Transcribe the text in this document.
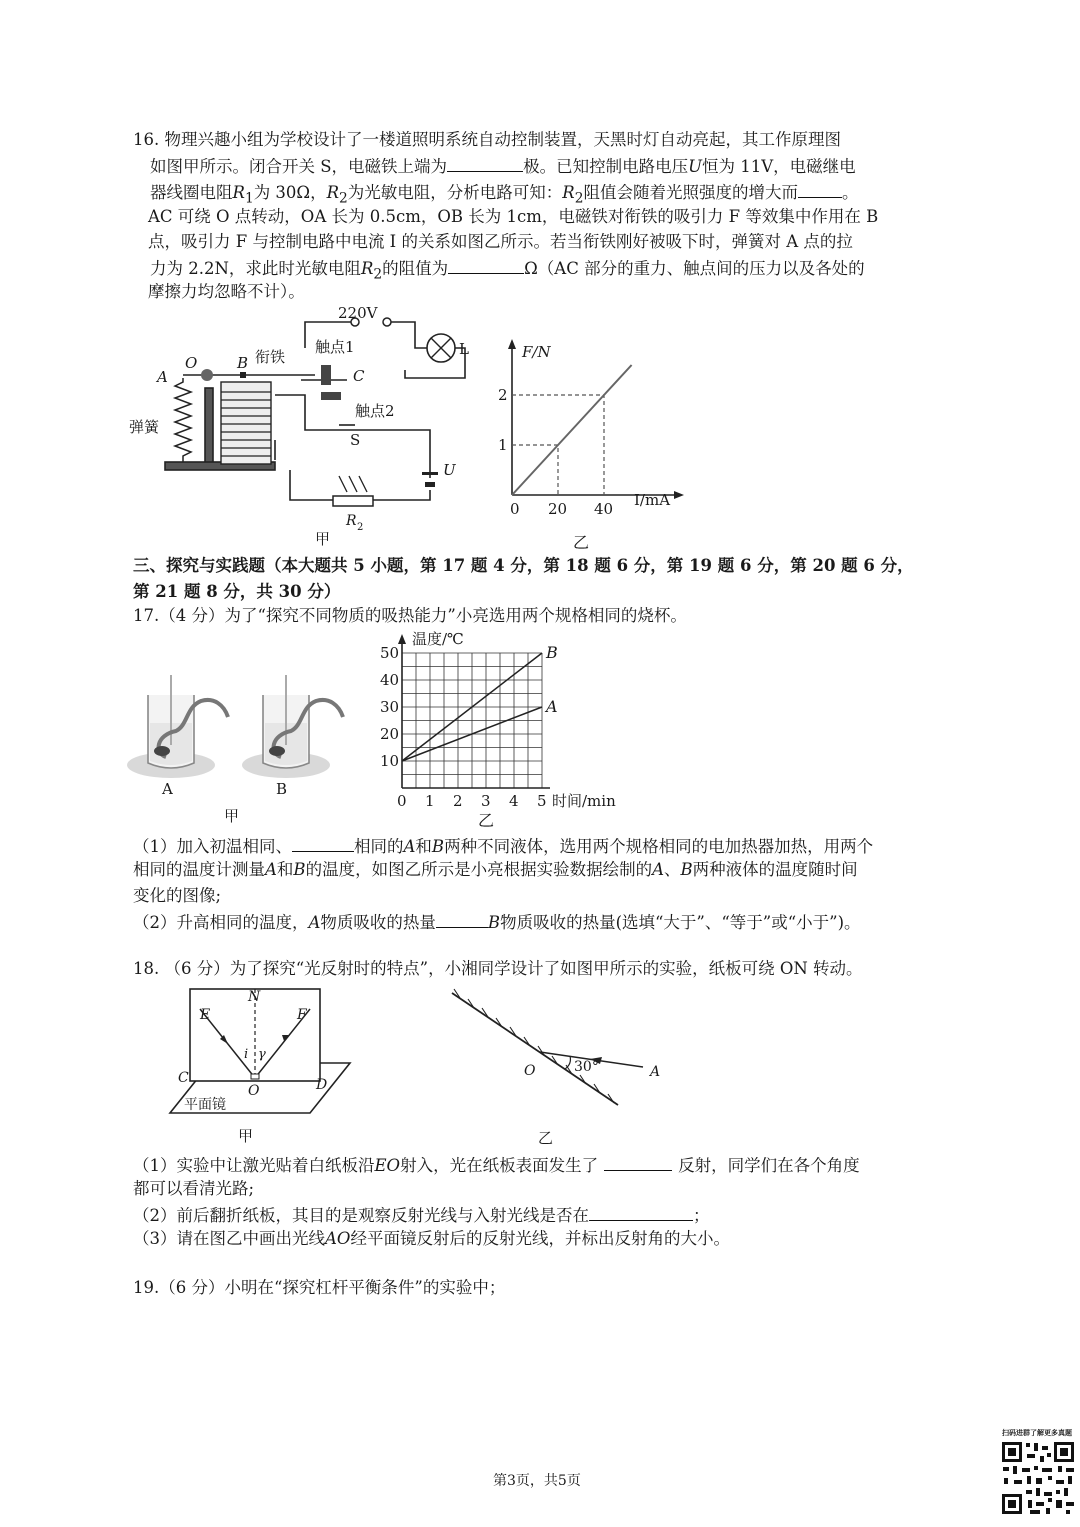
16. 物理兴趣小组为学校设计了一楼道照明系统自动控制装置，天黑时灯自动亮起，其工作原理图
如图甲所示。闭合开关 S，电磁铁上端为	极。已知控制电路电压U恒为 11V，电磁继电
器线圈电阻$R_1$为 30Ω，$R_2$为光敏电阻，分析电路可知：$R_2$阻值会随着光照强度的增大而	。
AC 可绕 O 点转动，OA 长为 0.5cm，OB 长为 1cm，电磁铁对衔铁的吸引力 F 等效集中作用在 B
点，吸引力 F 与控制电路中电流 I 的关系如图乙所示。若当衔铁刚好被吸下时，弹簧对 A 点的拉
力为 2.2N，求此时光敏电阻$R_2$的阻值为	Ω（AC 部分的重力、触点间的压力以及各处的
摩擦力均忽略不计）。
220V
L
衔铁
触点1
触点2
O	B
A	C
弹簧
S
U
R 2
甲
0 20 40
1
2
F/N
I/mA
乙
三、探究与实践题（本大题共 5 小题，第 17 题 4 分，第 18 题 6 分，第 19 题 6 分，第 20 题 6 分，
第 21 题 8 分，共 30 分）
17.（4 分）为了“探究不同物质的吸热能力”小亮选用两个规格相同的烧杯。
A	B
甲
A
B
0 1 2 3 4 5
10
20
30
40
50
温度/℃
时间/min
乙
（1）加入初温相同、	相同的A和B两种不同液体，选用两个规格相同的电加热器加热，用两个
相同的温度计测量A和B的温度，如图乙所示是小亮根据实验数据绘制的A、B两种液体的温度随时间
变化的图像;
（2）升高相同的温度，A物质吸收的热量	B物质吸收的热量(选填“大于”、“等于”或“小于”)。
18. （6 分）为了探究“光反射时的特点”，小湘同学设计了如图甲所示的实验，纸板可绕 ON 转动。
N
E	F
i γ
C
O	D
平面镜
甲
O	30°	A
乙
（1）实验中让激光贴着白纸板沿EO射入，光在纸板表面发生了	反射，同学们在各个角度
都可以看清光路;
（2）前后翻折纸板，其目的是观察反射光线与入射光线是否在	；
（3）请在图乙中画出光线AO经平面镜反射后的反射光线，并标出反射角的大小。
19.（6 分）小明在“探究杠杆平衡条件”的实验中；
第3页，共5页
扫码进群了解更多真题
